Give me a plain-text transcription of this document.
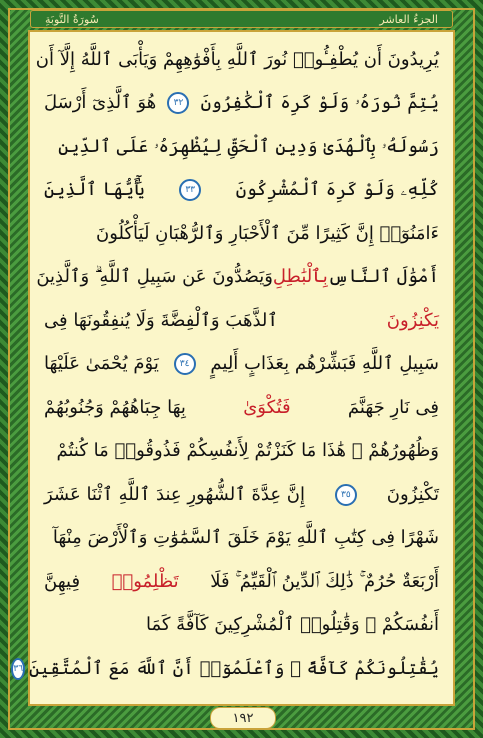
الجزءُ العاشر
سُورَةُ التَّوبَةِ
يُرِيدُونَ أَن يُطْفِـُٔوا۟ نُورَ ٱللَّهِ بِأَفْوَٰهِهِمْ وَيَأْبَى ٱللَّهُ إِلَّآ أَن
يُتِمَّ نُورَهُۥ وَلَوْ كَرِهَ ٱلْكَٰفِرُونَ
٣٢
هُوَ ٱلَّذِىٓ أَرْسَلَ
رَسُولَهُۥ بِٱلْهُدَىٰ وَدِينِ ٱلْحَقِّ لِيُظْهِرَهُۥ عَلَى ٱلدِّينِ
كُلِّهِۦ وَلَوْ كَرِهَ ٱلْمُشْرِكُونَ
٣٣
يَٰٓأَيُّهَا ٱلَّذِينَ
ءَامَنُوٓا۟ إِنَّ كَثِيرًا مِّنَ ٱلْأَحْبَارِ وَٱلرُّهْبَانِ لَيَأْكُلُونَ
أَمْوَٰلَ ٱلنَّاسِ
بِٱلْبَٰطِلِ
وَيَصُدُّونَ عَن سَبِيلِ ٱللَّهِ ۗ وَٱلَّذِينَ
يَكْنِزُونَ
ٱلذَّهَبَ وَٱلْفِضَّةَ وَلَا يُنفِقُونَهَا فِى
سَبِيلِ ٱللَّهِ فَبَشِّرْهُم بِعَذَابٍ أَلِيمٍ
٣٤
يَوْمَ يُحْمَىٰ عَلَيْهَا
فِى نَارِ جَهَنَّمَ
فَتُكْوَىٰ
بِهَا جِبَاهُهُمْ وَجُنُوبُهُمْ
وَظُهُورُهُمْ ۖ هَٰذَا مَا كَنَزْتُمْ لِأَنفُسِكُمْ فَذُوقُوا۟ مَا كُنتُمْ
تَكْنِزُونَ
٣٥
إِنَّ عِدَّةَ ٱلشُّهُورِ عِندَ ٱللَّهِ ٱثْنَا عَشَرَ
شَهْرًا فِى كِتَٰبِ ٱللَّهِ يَوْمَ خَلَقَ ٱلسَّمَٰوَٰتِ وَٱلْأَرْضَ مِنْهَآ
أَرْبَعَةٌ حُرُمٌ ۚ ذَٰلِكَ ٱلدِّينُ ٱلْقَيِّمُ ۚ فَلَا
تَظْلِمُوا۟
فِيهِنَّ
أَنفُسَكُمْ ۚ وَقَٰتِلُوا۟ ٱلْمُشْرِكِينَ كَآفَّةً كَمَا
يُقَٰتِلُونَكُمْ كَآفَّةً ۚ وَٱعْلَمُوٓا۟ أَنَّ ٱللَّهَ مَعَ ٱلْمُتَّقِينَ
٣٦
١٩٢
